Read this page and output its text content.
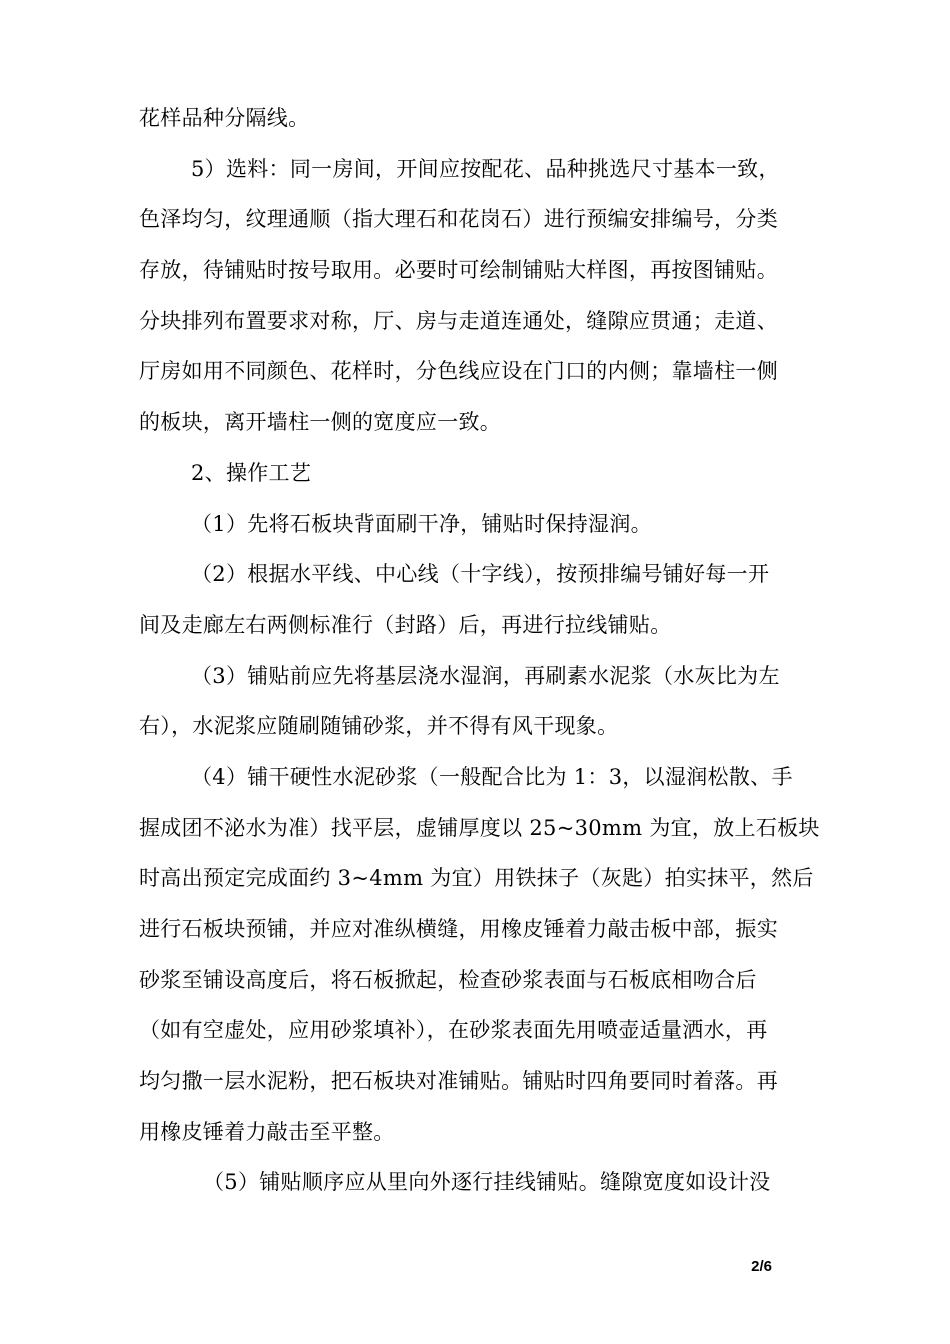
花样品种分隔线。
5）选料：同一房间，开间应按配花、品种挑选尺寸基本一致，
色泽均匀，纹理通顺（指大理石和花岗石）进行预编安排编号，分类
存放，待铺贴时按号取用。必要时可绘制铺贴大样图，再按图铺贴。
分块排列布置要求对称，厅、房与走道连通处，缝隙应贯通；走道、
厅房如用不同颜色、花样时，分色线应设在门口的内侧；靠墙柱一侧
的板块，离开墙柱一侧的宽度应一致。
2、操作工艺
（1）先将石板块背面刷干净，铺贴时保持湿润。
（2）根据水平线、中心线（十字线），按预排编号铺好每一开
间及走廊左右两侧标准行（封路）后，再进行拉线铺贴。
（3）铺贴前应先将基层浇水湿润，再刷素水泥浆（水灰比为左
右），水泥浆应随刷随铺砂浆，并不得有风干现象。
（4）铺干硬性水泥砂浆（一般配合比为 1：3，以湿润松散、手
握成团不泌水为准）找平层，虚铺厚度以 25~30mm 为宜，放上石板块
时高出预定完成面约 3~4mm 为宜）用铁抹子（灰匙）拍实抹平，然后
进行石板块预铺，并应对准纵横缝，用橡皮锤着力敲击板中部，振实
砂浆至铺设高度后，将石板掀起，检查砂浆表面与石板底相吻合后
（如有空虚处，应用砂浆填补），在砂浆表面先用喷壶适量洒水，再
均匀撒一层水泥粉，把石板块对准铺贴。铺贴时四角要同时着落。再
用橡皮锤着力敲击至平整。
（5）铺贴顺序应从里向外逐行挂线铺贴。缝隙宽度如设计没
2/6
